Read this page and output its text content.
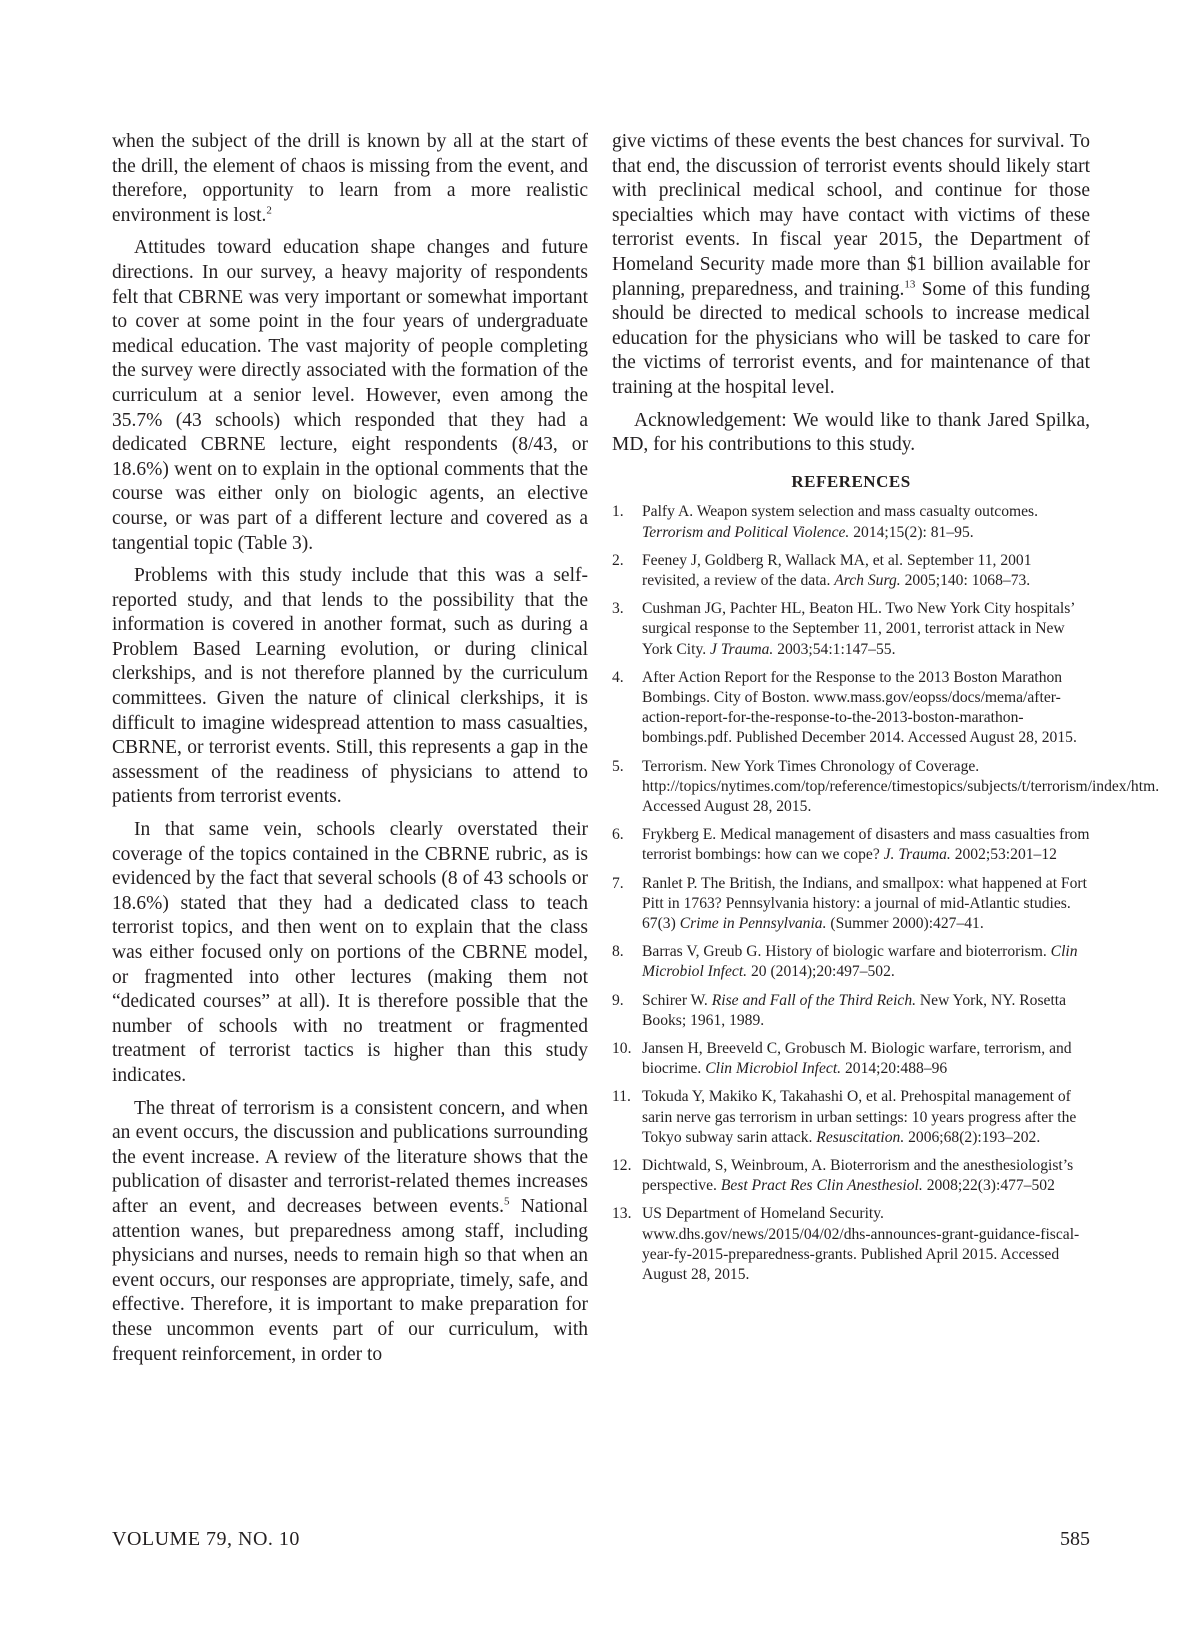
when the subject of the drill is known by all at the start of the drill, the element of chaos is missing from the event, and therefore, opportunity to learn from a more realistic environment is lost.$^2$

Attitudes toward education shape changes and future directions. In our survey, a heavy majority of respondents felt that CBRNE was very important or somewhat important to cover at some point in the four years of undergraduate medical education. The vast majority of people completing the survey were directly associated with the formation of the curriculum at a senior level. However, even among the 35.7% (43 schools) which responded that they had a dedicated CBRNE lecture, eight respondents (8/43, or 18.6%) went on to explain in the optional comments that the course was either only on biologic agents, an elective course, or was part of a different lecture and covered as a tangential topic (Table 3).

Problems with this study include that this was a self-reported study, and that lends to the possibility that the information is covered in another format, such as during a Problem Based Learning evolution, or during clinical clerkships, and is not therefore planned by the curriculum committees. Given the nature of clinical clerkships, it is difficult to imagine widespread attention to mass casualties, CBRNE, or terrorist events. Still, this represents a gap in the assessment of the readiness of physicians to attend to patients from terrorist events.

In that same vein, schools clearly overstated their coverage of the topics contained in the CBRNE rubric, as is evidenced by the fact that several schools (8 of 43 schools or 18.6%) stated that they had a dedicated class to teach terrorist topics, and then went on to explain that the class was either focused only on portions of the CBRNE model, or fragmented into other lectures (making them not “dedicated courses” at all). It is therefore possible that the number of schools with no treatment or fragmented treatment of terrorist tactics is higher than this study indicates.

The threat of terrorism is a consistent concern, and when an event occurs, the discussion and publications surrounding the event increase. A review of the literature shows that the publication of disaster and terrorist-related themes increases after an event, and decreases between events.$^5$ National attention wanes, but preparedness among staff, including physicians and nurses, needs to remain high so that when an event occurs, our responses are appropriate, timely, safe, and effective. Therefore, it is important to make preparation for these uncommon events part of our curriculum, with frequent reinforcement, in order to

give victims of these events the best chances for survival. To that end, the discussion of terrorist events should likely start with preclinical medical school, and continue for those specialties which may have contact with victims of these terrorist events. In fiscal year 2015, the Department of Homeland Security made more than $1 billion available for planning, preparedness, and training.$^{13}$ Some of this funding should be directed to medical schools to increase medical education for the physicians who will be tasked to care for the victims of terrorist events, and for maintenance of that training at the hospital level.

Acknowledgement: We would like to thank Jared Spilka, MD, for his contributions to this study.

REFERENCES
1.	Palfy A. Weapon system selection and mass casualty outcomes. Terrorism and Political Violence. 2014;15(2): 81–95.
2.	Feeney J, Goldberg R, Wallack MA, et al. September 11, 2001 revisited, a review of the data. Arch Surg. 2005;140: 1068–73.
3.	Cushman JG, Pachter HL, Beaton HL. Two New York City hospitals’ surgical response to the September 11, 2001, terrorist attack in New York City. J Trauma. 2003;54:1:147–55.
4.	After Action Report for the Response to the 2013 Boston Marathon Bombings. City of Boston. www.mass.gov/eopss/docs/mema/after-action-report-for-the-response-to-the-2013-boston-marathon-bombings.pdf. Published December 2014. Accessed August 28, 2015.
5.	Terrorism. New York Times Chronology of Coverage. http://topics/nytimes.com/top/reference/timestopics/subjects/t/terrorism/index/htm. Accessed August 28, 2015.
6.	Frykberg E. Medical management of disasters and mass casualties from terrorist bombings: how can we cope? J. Trauma. 2002;53:201–12
7.	Ranlet P. The British, the Indians, and smallpox: what happened at Fort Pitt in 1763? Pennsylvania history: a journal of mid-Atlantic studies. 67(3) Crime in Pennsylvania. (Summer 2000):427–41.
8.	Barras V, Greub G. History of biologic warfare and bioterrorism. Clin Microbiol Infect. 20 (2014);20:497–502.
9.	Schirer W. Rise and Fall of the Third Reich. New York, NY. Rosetta Books; 1961, 1989.
10. Jansen H, Breeveld C, Grobusch M. Biologic warfare, terrorism, and biocrime. Clin Microbiol Infect. 2014;20:488–96
11. Tokuda Y, Makiko K, Takahashi O, et al. Prehospital management of sarin nerve gas terrorism in urban settings: 10 years progress after the Tokyo subway sarin attack. Resuscitation. 2006;68(2):193–202.
12. Dichtwald, S, Weinbroum, A. Bioterrorism and the anesthesiologist’s perspective. Best Pract Res Clin Anesthesiol. 2008;22(3):477–502
13. US Department of Homeland Security. www.dhs.gov/news/2015/04/02/dhs-announces-grant-guidance-fiscal-year-fy-2015-preparedness-grants. Published April 2015. Accessed August 28, 2015.
VOLUME 79, NO. 10	585
